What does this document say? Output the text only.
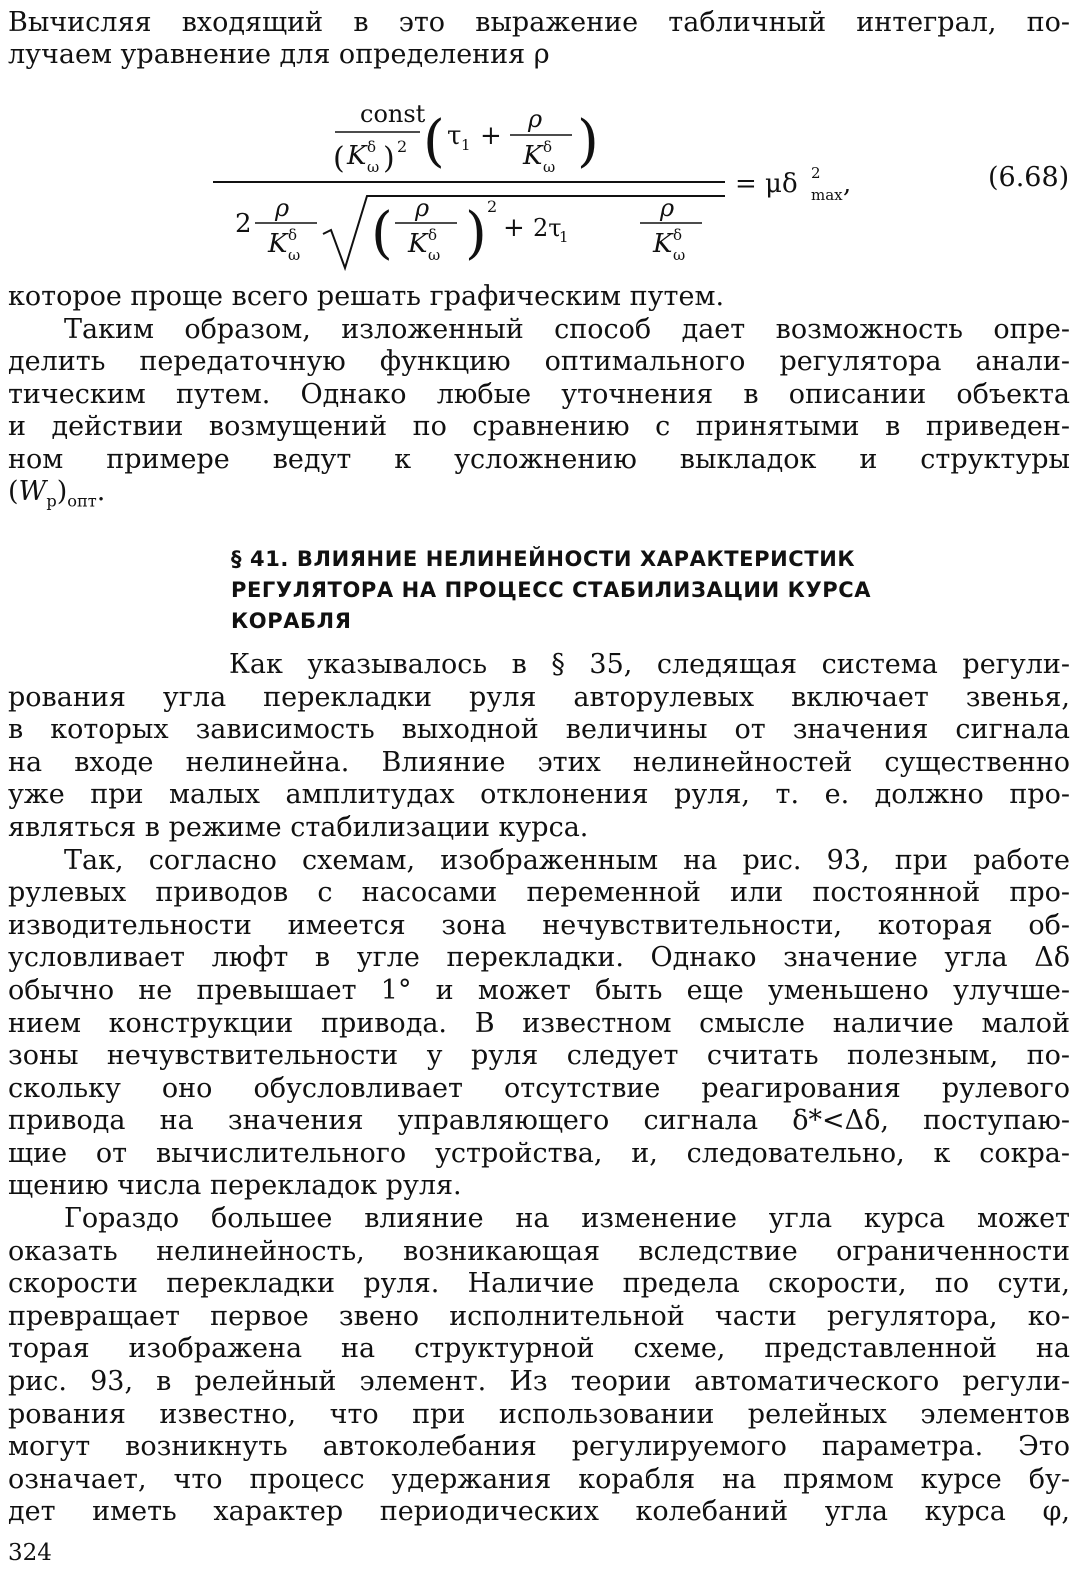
Вычисляя входящий в это выражение табличный интеграл, по-
лучаем уравнение для определения ρ
const
( K δ
ω ) 2 ( τ 1 +
ρ
K δ
ω )
2
ρ
K δ
ω ( ρ
K δ
ω ) 2
+ 2τ
1
ρ
K δ
ω
= μδ 2
max ,	(6.68)
которое проще всего решать графическим путем.
Таким образом, изложенный способ дает возможность опре-
делить передаточную функцию оптимального регулятора анали-
тическим путем. Однако любые уточнения в описании объекта
и действии возмущений по сравнению с принятыми в приведен-
ном примере ведут к усложнению выкладок и структуры
$(W_р)_{опт}$.
§ 41. ВЛИЯНИЕ НЕЛИНЕЙНОСТИ ХАРАКТЕРИСТИК
РЕГУЛЯТОРА НА ПРОЦЕСС СТАБИЛИЗАЦИИ КУРСА
КОРАБЛЯ
Как указывалось в § 35, следящая система регули-
рования угла перекладки руля авторулевых включает звенья,
в которых зависимость выходной величины от значения сигнала
на входе нелинейна. Влияние этих нелинейностей существенно
уже при малых амплитудах отклонения руля, т. е. должно про-
являться в режиме стабилизации курса.
Так, согласно схемам, изображенным на рис. 93, при работе
рулевых приводов с насосами переменной или постоянной про-
изводительности имеется зона нечувствительности, которая об-
условливает люфт в угле перекладки. Однако значение угла Δδ
обычно не превышает 1° и может быть еще уменьшено улучше-
нием конструкции привода. В известном смысле наличие малой
зоны нечувствительности у руля следует считать полезным, по-
скольку оно обусловливает отсутствие реагирования рулевого
привода на значения управляющего сигнала δ*<Δδ, поступаю-
щие от вычислительного устройства, и, следовательно, к сокра-
щению числа перекладок руля.
Гораздо большее влияние на изменение угла курса может
оказать нелинейность, возникающая вследствие ограниченности
скорости перекладки руля. Наличие предела скорости, по сути,
превращает первое звено исполнительной части регулятора, ко-
торая изображена на структурной схеме, представленной на
рис. 93, в релейный элемент. Из теории автоматического регули-
рования известно, что при использовании релейных элементов
могут возникнуть автоколебания регулируемого параметра. Это
означает, что процесс удержания корабля на прямом курсе бу-
дет иметь характер периодических колебаний угла курса φ,
324
